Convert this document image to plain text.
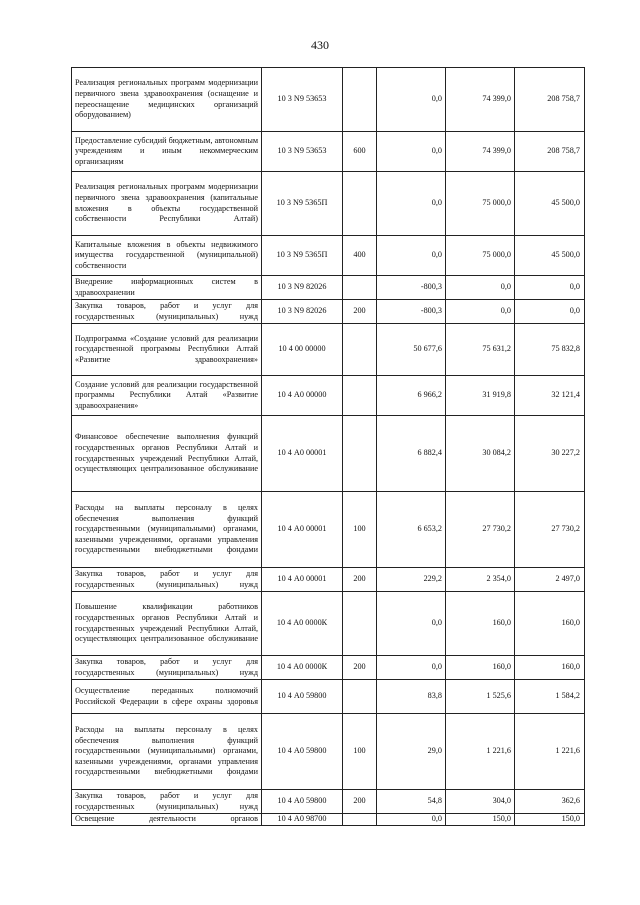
430
Реализация региональных программ модернизации первичного звена здравоохранения (оснащение и переоснащение медицинских организаций оборудованием)	10 3 N9 53653		0,0	74 399,0	208 758,7
Предоставление субсидий бюджетным, автономным учреждениям и иным некоммерческим организациям	10 3 N9 53653	600	0,0	74 399,0	208 758,7
Реализация региональных программ модернизации первичного звена здравоохранения (капитальные вложения в объекты государственной собственности Республики Алтай)	10 3 N9 5365П		0,0	75 000,0	45 500,0
Капитальные вложения в объекты недвижимого имущества государственной (муниципальной) собственности	10 3 N9 5365П	400	0,0	75 000,0	45 500,0
Внедрение информационных систем в здравоохранении	10 3 N9 82026		-800,3	0,0	0,0
Закупка товаров, работ и услуг для государственных (муниципальных) нужд	10 3 N9 82026	200	-800,3	0,0	0,0
Подпрограмма «Создание условий для реализации государственной программы Республики Алтай «Развитие здравоохранения»	10 4 00 00000		50 677,6	75 631,2	75 832,8
Создание условий для реализации государственной программы Республики Алтай «Развитие здравоохранения»	10 4 А0 00000		6 966,2	31 919,8	32 121,4
Финансовое обеспечение выполнения функций государственных органов Республики Алтай и государственных учреждений Республики Алтай, осуществляющих централизованное обслуживание	10 4 А0 00001		6 882,4	30 084,2	30 227,2
Расходы на выплаты персоналу в целях обеспечения выполнения функций государственными (муниципальными) органами, казенными учреждениями, органами управления государственными внебюджетными фондами	10 4 А0 00001	100	6 653,2	27 730,2	27 730,2
Закупка товаров, работ и услуг для государственных (муниципальных) нужд	10 4 А0 00001	200	229,2	2 354,0	2 497,0
Повышение квалификации работников государственных органов Республики Алтай и государственных учреждений Республики Алтай, осуществляющих централизованное обслуживание	10 4 А0 0000К		0,0	160,0	160,0
Закупка товаров, работ и услуг для государственных (муниципальных) нужд	10 4 А0 0000К	200	0,0	160,0	160,0
Осуществление переданных полномочий Российской Федерации в сфере охраны здоровья	10 4 А0 59800		83,8	1 525,6	1 584,2
Расходы на выплаты персоналу в целях обеспечения выполнения функций государственными (муниципальными) органами, казенными учреждениями, органами управления государственными внебюджетными фондами	10 4 А0 59800	100	29,0	1 221,6	1 221,6
Закупка товаров, работ и услуг для государственных (муниципальных) нужд	10 4 А0 59800	200	54,8	304,0	362,6
Освещение деятельности органов	10 4 А0 98700		0,0	150,0	150,0
